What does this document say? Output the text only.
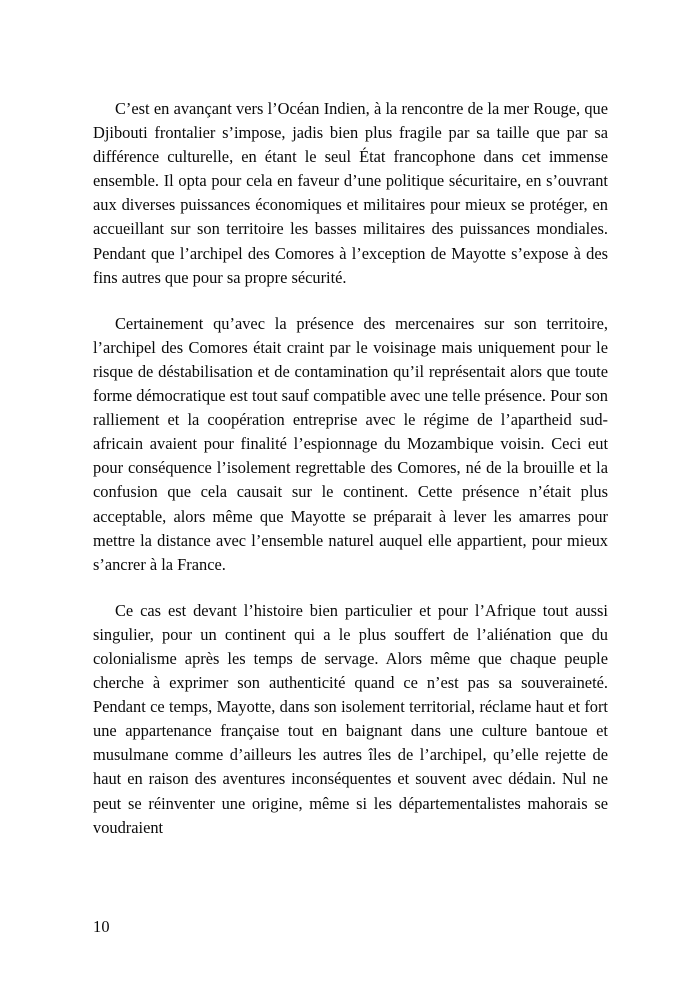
C’est en avançant vers l’Océan Indien, à la rencontre de la mer Rouge, que Djibouti frontalier s’impose, jadis bien plus fragile par sa taille que par sa différence culturelle, en étant le seul État francophone dans cet immense ensemble. Il opta pour cela en faveur d’une politique sécuritaire, en s’ouvrant aux diverses puissances économiques et militaires pour mieux se protéger, en accueillant sur son territoire les basses militaires des puissances mondiales. Pendant que l’archipel des Comores à l’exception de Mayotte s’expose à des fins autres que pour sa propre sécurité.

Certainement qu’avec la présence des mercenaires sur son territoire, l’archipel des Comores était craint par le voisinage mais uniquement pour le risque de déstabilisation et de contamination qu’il représentait alors que toute forme démocratique est tout sauf compatible avec une telle présence. Pour son ralliement et la coopération entreprise avec le régime de l’apartheid sud-africain avaient pour finalité l’espionnage du Mozambique voisin. Ceci eut pour conséquence l’isolement regrettable des Comores, né de la brouille et la confusion que cela causait sur le continent. Cette présence n’était plus acceptable, alors même que Mayotte se préparait à lever les amarres pour mettre la distance avec l’ensemble naturel auquel elle appartient, pour mieux s’ancrer à la France.

Ce cas est devant l’histoire bien particulier et pour l’Afrique tout aussi singulier, pour un continent qui a le plus souffert de l’aliénation que du colonialisme après les temps de servage. Alors même que chaque peuple cherche à exprimer son authenticité quand ce n’est pas sa souveraineté. Pendant ce temps, Mayotte, dans son isolement territorial, réclame haut et fort une appartenance française tout en baignant dans une culture bantoue et musulmane comme d’ailleurs les autres îles de l’archipel, qu’elle rejette de haut en raison des aventures inconséquentes et souvent avec dédain. Nul ne peut se réinventer une origine, même si les départementalistes mahorais se voudraient

10
